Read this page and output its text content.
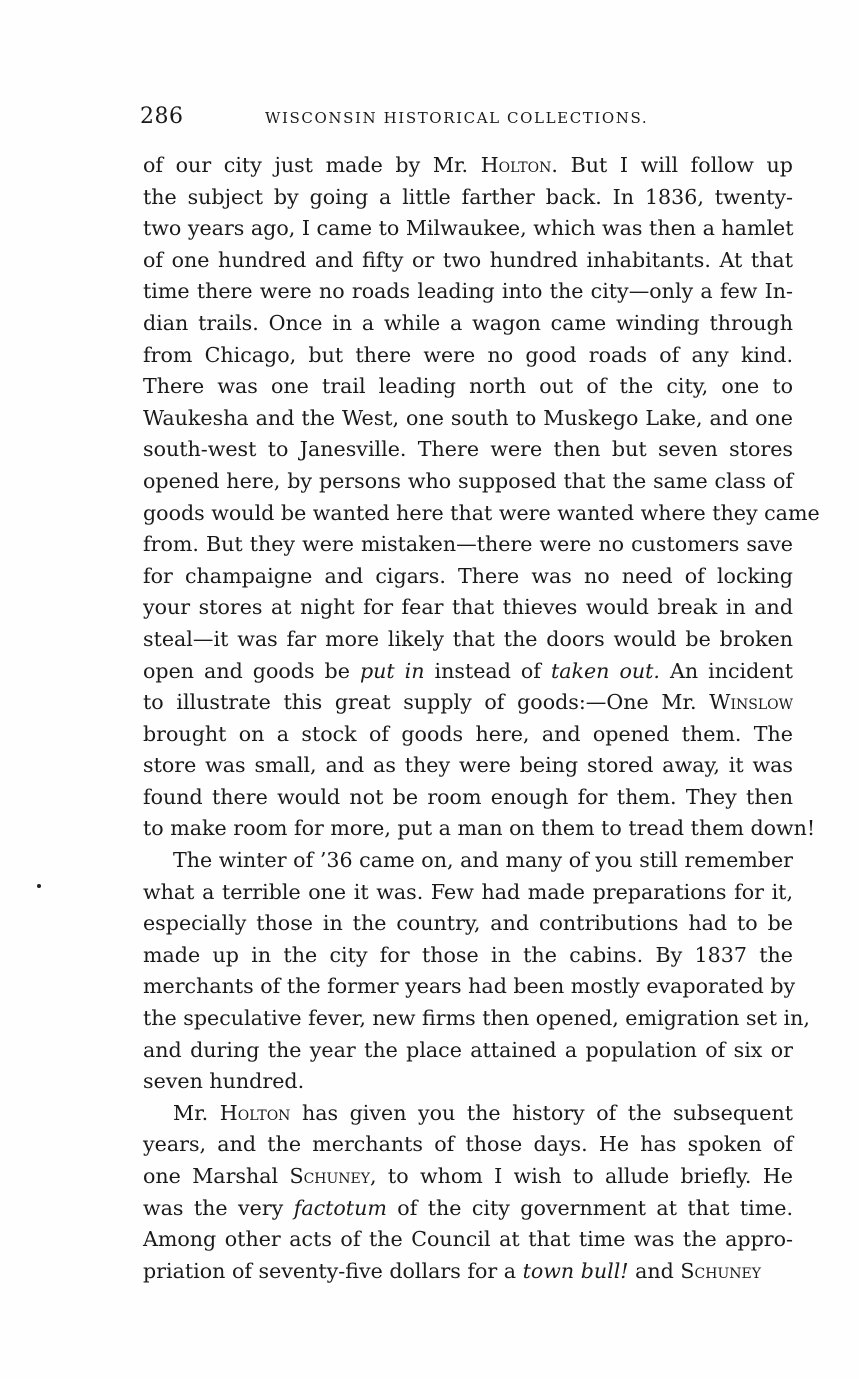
286	WISCONSIN HISTORICAL COLLECTIONS.
of our city just made by Mr. Holton. But I will follow up
the subject by going a little farther back. In 1836, twenty-
two years ago, I came to Milwaukee, which was then a hamlet
of one hundred and fifty or two hundred inhabitants. At that
time there were no roads leading into the city—only a few In-
dian trails. Once in a while a wagon came winding through
from Chicago, but there were no good roads of any kind.
There was one trail leading north out of the city, one to
Waukesha and the West, one south to Muskego Lake, and one
south-west to Janesville. There were then but seven stores
opened here, by persons who supposed that the same class of
goods would be wanted here that were wanted where they came
from. But they were mistaken—there were no customers save
for champaigne and cigars. There was no need of locking
your stores at night for fear that thieves would break in and
steal—it was far more likely that the doors would be broken
open and goods be put in instead of taken out. An incident
to illustrate this great supply of goods:—One Mr. Winslow
brought on a stock of goods here, and opened them. The
store was small, and as they were being stored away, it was
found there would not be room enough for them. They then
to make room for more, put a man on them to tread them down!
The winter of ’36 came on, and many of you still remember
what a terrible one it was. Few had made preparations for it,
especially those in the country, and contributions had to be
made up in the city for those in the cabins. By 1837 the
merchants of the former years had been mostly evaporated by
the speculative fever, new firms then opened, emigration set in,
and during the year the place attained a population of six or
seven hundred.
Mr. Holton has given you the history of the subsequent
years, and the merchants of those days. He has spoken of
one Marshal Schuney, to whom I wish to allude briefly. He
was the very factotum of the city government at that time.
Among other acts of the Council at that time was the appro-
priation of seventy-five dollars for a town bull! and Schuney
